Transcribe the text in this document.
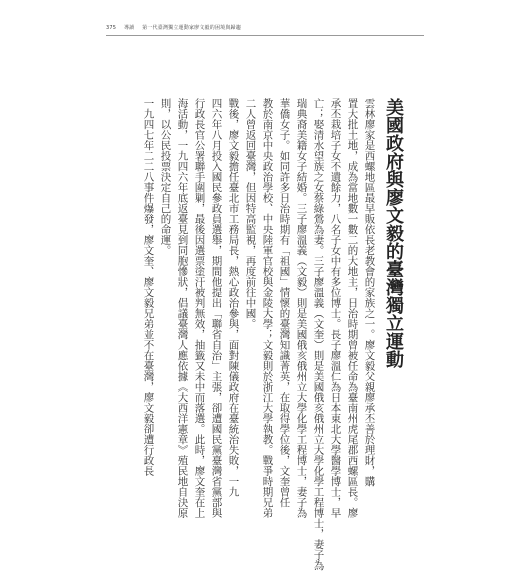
375 導讀 第一代臺灣獨立運動家廖文毅的困境與歸趨
美國政府與廖文毅的臺灣獨立運動
雲林廖家是西螺地區最早販依長老教會的家族之一。廖文毅父親廖承丕善於理財，購
置大批土地，成為當地數一數二的大地主，日治時期曾被任命為臺南州虎尾郡西螺區長。廖
承丕栽培子女不遺餘力，八名子女中有多位博士。長子廖溫仁為日本東北大學醫學博士，早
亡；娶清水望族之女蔡綠鶯為妻。三子廖溫義（文奎）則是美國俄亥俄州立大學化學工程博士，妻子為
瑞典裔美籍女子結婚。三子廖溫義（文毅）則是美國俄亥俄州立大學化學工程博士，妻子為
華僑女子。如同許多日治時期有「祖國」情懷的臺灣知識菁英，在取得學位後，文奎曾任
教於南京中央政治學校、中央陸軍官校與金陵大學；文毅則於浙江大學執教。戰爭時期兄弟
二人曾返回臺灣，但因特高監視，再度前往中國。
戰後，廖文毅擔任臺北市工務局長，熱心政治參與，面對陳儀政府在臺統治失敗，一九
四六年八月投入國民參政員選舉，期間他提出「聯省自治」主張，卻遭國民黨臺灣省黨部與
行政長官公署聯手圍剿，最後因選票塗汙被判無效，抽籤又未中而落選。此時，廖文奎在上
海活動，一九四六年底返臺見到同胞慘狀，倡議臺灣人應依據《大西洋憲章》殖民地自決原
則，以公民投票決定自己的命運。
一九四七年二二八事件爆發，廖文奎、廖文毅兄弟並不在臺灣，廖文毅卻遭行政長
